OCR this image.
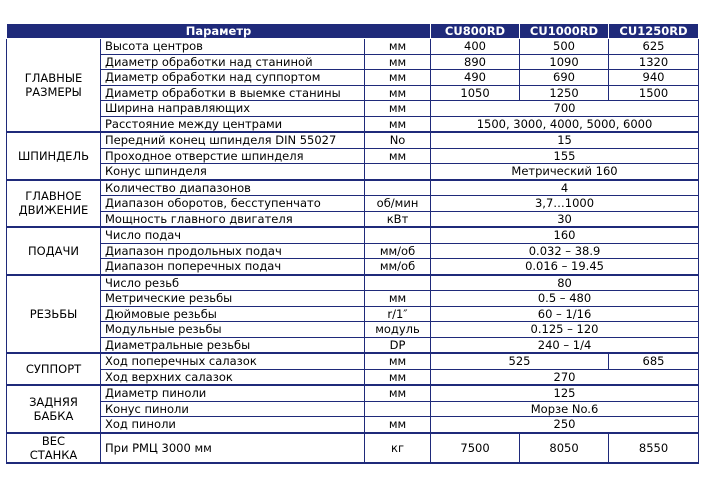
Параметр			CU800RD	CU1000RD	CU1250RD

ГЛАВНЫЕ
РАЗМЕРЫ	Высота центров	мм	400	500	625
	Диаметр обработки над станиной	мм	890	1090	1320
	Диаметр обработки над суппортом	мм	490	690	940
	Диаметр обработки в выемке станины	мм	1050	1250	1500
	Ширина направляющих	мм	700		
	Расстояние между центрами	мм	1500, 3000, 4000, 5000, 6000		

ШПИНДЕЛЬ	Передний конец шпинделя DIN 55027	No	15		
	Проходное отверстие шпинделя	мм	155		
	Конус шпинделя		Метрический 160		

ГЛАВНОЕ
ДВИЖЕНИЕ	Количество диапазонов		4		
	Диапазон оборотов, бесступенчато	об/мин	3,7…1000		
	Мощность главного двигателя	кВт	30		

ПОДАЧИ	Число подач		160		
	Диапазон продольных подач	мм/об	0.032 – 38.9		
	Диапазон поперечных подач	мм/об	0.016 – 19.45		

РЕЗЬБЫ	Число резьб		80		
	Метрические резьбы	мм	0.5 – 480		
	Дюймовые резьбы	r/1″	60 – 1/16		
	Модульные резьбы	модуль	0.125 – 120		
	Диаметральные резьбы	DP	240 – 1/4		

СУППОРТ	Ход поперечных салазок	мм	525		685
	Ход верхних салазок	мм	270		

ЗАДНЯЯ
БАБКА	Диаметр пиноли	мм	125		
	Конус пиноли		Морзе No.6		
	Ход пиноли	мм	250		

ВЕС
СТАНКА	При РМЦ 3000 мм	кг	7500	8050	8550
